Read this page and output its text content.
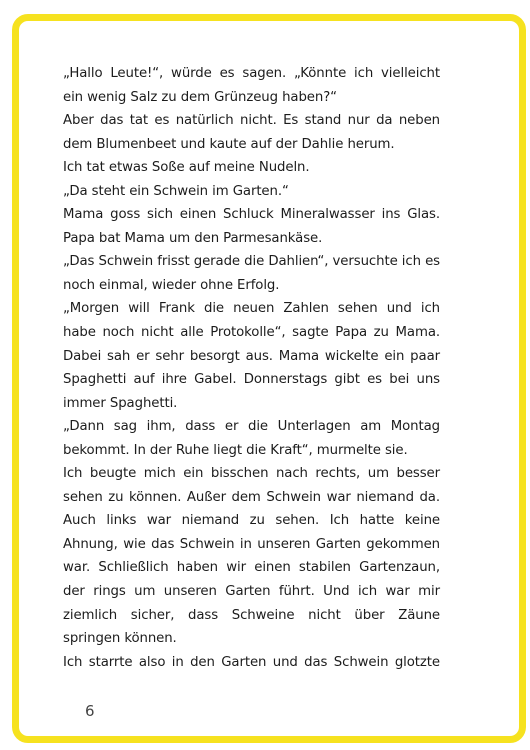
„Hallo Leute!“, würde es sagen. „Könnte ich vielleicht
ein wenig Salz zu dem Grünzeug haben?“
Aber das tat es natürlich nicht. Es stand nur da neben
dem Blumenbeet und kaute auf der Dahlie herum.
Ich tat etwas Soße auf meine Nudeln.
„Da steht ein Schwein im Garten.“
Mama goss sich einen Schluck Mineralwasser ins Glas.
Papa bat Mama um den Parmesankäse.
„Das Schwein frisst gerade die Dahlien“, versuchte ich es
noch einmal, wieder ohne Erfolg.
„Morgen will Frank die neuen Zahlen sehen und ich
habe noch nicht alle Protokolle“, sagte Papa zu Mama.
Dabei sah er sehr besorgt aus. Mama wickelte ein paar
Spaghetti auf ihre Gabel. Donnerstags gibt es bei uns
immer Spaghetti.
„Dann sag ihm, dass er die Unterlagen am Montag
bekommt. In der Ruhe liegt die Kraft“, murmelte sie.
Ich beugte mich ein bisschen nach rechts, um besser
sehen zu können. Außer dem Schwein war niemand da.
Auch links war niemand zu sehen. Ich hatte keine
Ahnung, wie das Schwein in unseren Garten gekommen
war. Schließlich haben wir einen stabilen Gartenzaun,
der rings um unseren Garten führt. Und ich war mir
ziemlich sicher, dass Schweine nicht über Zäune
springen können.
Ich starrte also in den Garten und das Schwein glotzte
6
